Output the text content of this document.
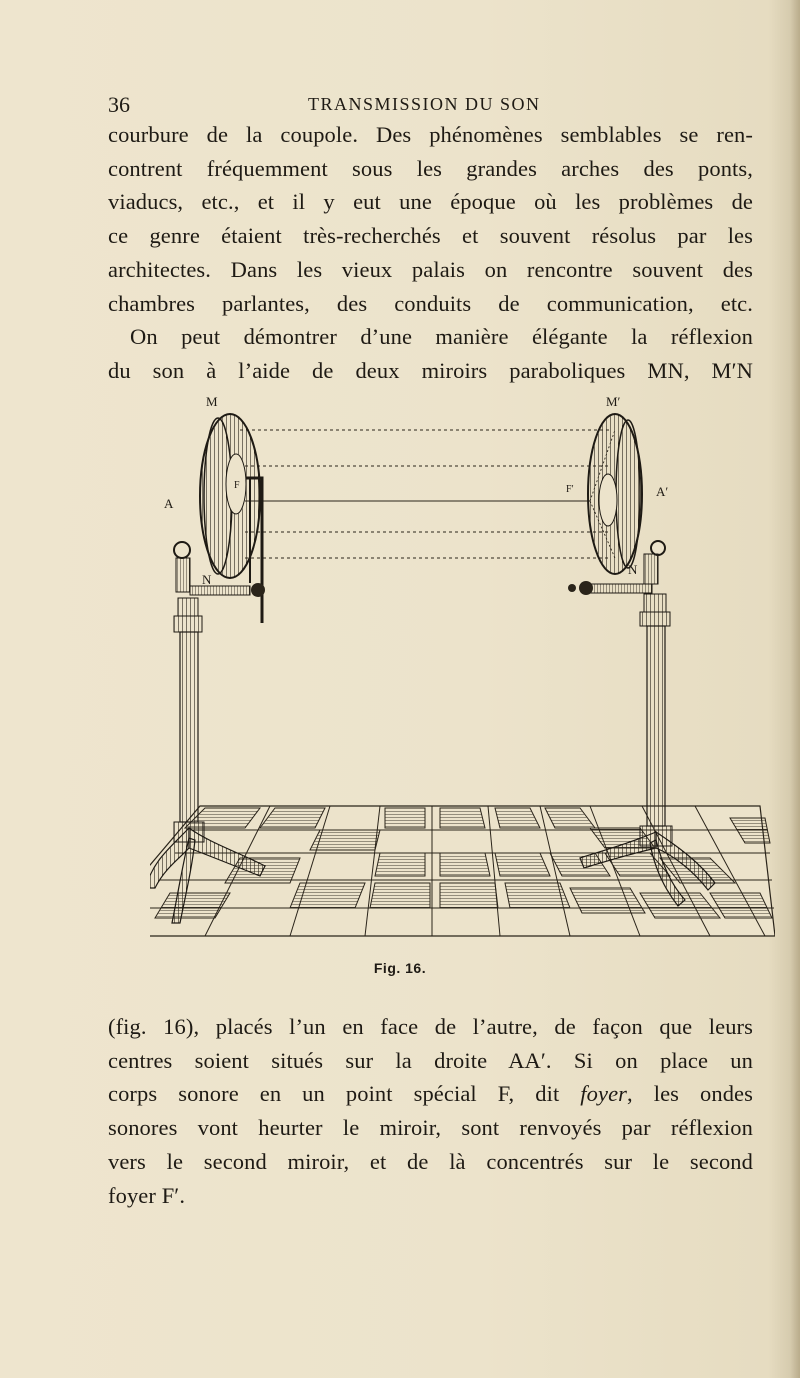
36	TRANSMISSION DU SON
courbure de la coupole. Des phénomènes semblables se ren-
contrent fréquemment sous les grandes arches des ponts,
viaducs, etc., et il y eut une époque où les problèmes de
ce genre étaient très-recherchés et souvent résolus par les
architectes. Dans les vieux palais on rencontre souvent des
chambres parlantes, des conduits de communication, etc.
On peut démontrer d’une manière élégante la réflexion
du son à l’aide de deux miroirs paraboliques MN, M′N
M	M′
A
A′
F	F′
N
N
Fig. 16.
(fig. 16), placés l’un en face de l’autre, de façon que leurs
centres soient situés sur la droite AA′. Si on place un
corps sonore en un point spécial F, dit foyer, les ondes
sonores vont heurter le miroir, sont renvoyés par réflexion
vers le second miroir, et de là concentrés sur le second
foyer F′.
